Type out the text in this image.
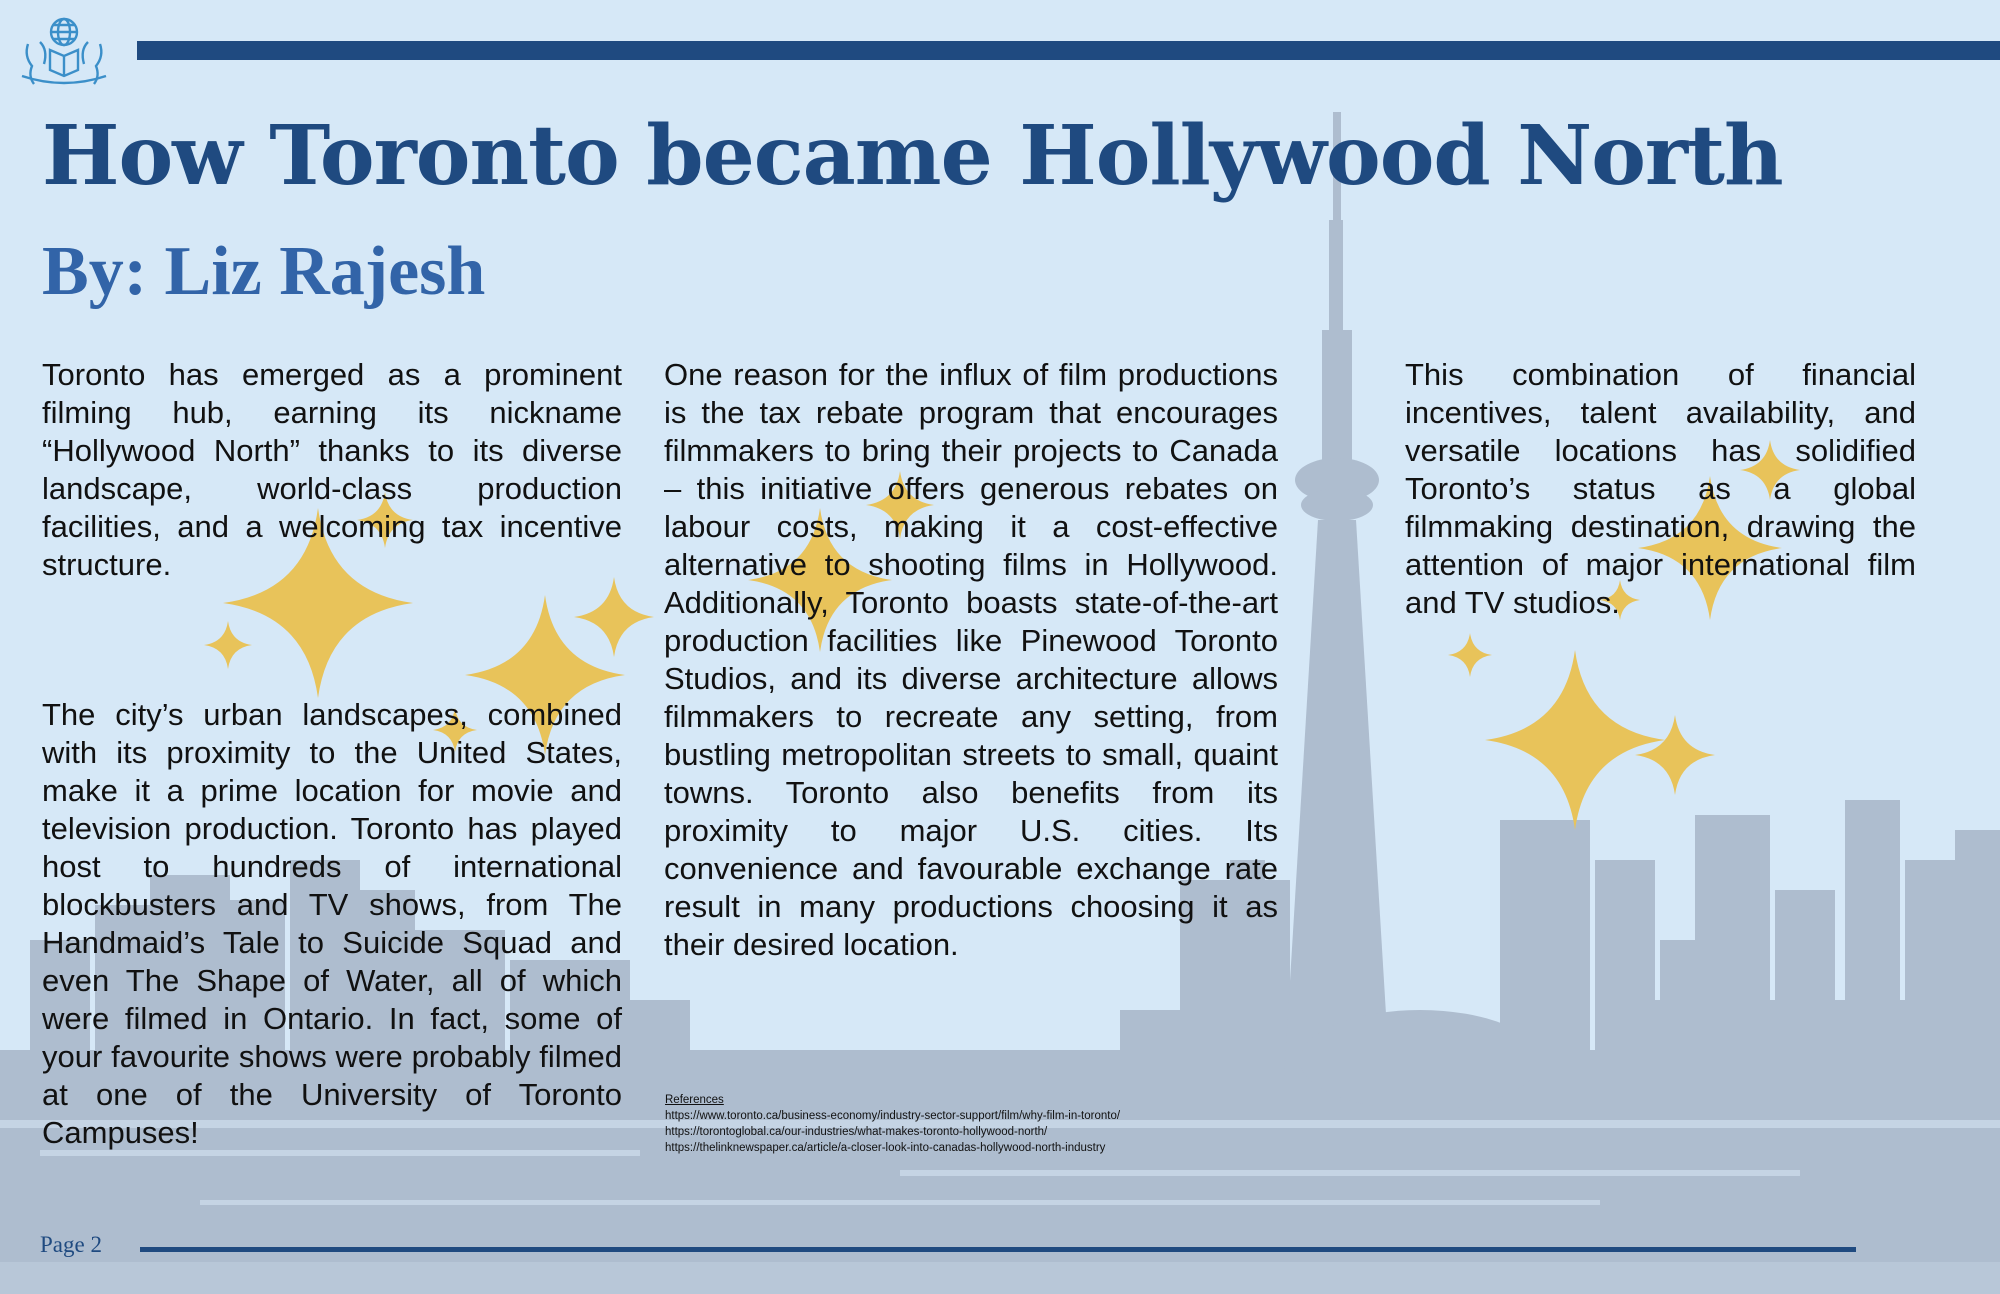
How Toronto became Hollywood North
By: Liz Rajesh

Toronto has emerged as a prominent filming hub, earning its nickname “Hollywood North” thanks to its diverse landscape, world-class production facilities, and a welcoming tax incentive structure.

The city’s urban landscapes, combined with its proximity to the United States, make it a prime location for movie and television production. Toronto has played host to hundreds of international blockbusters and TV shows, from The Handmaid’s Tale to Suicide Squad and even The Shape of Water, all of which were filmed in Ontario. In fact, some of your favourite shows were probably filmed at one of the University of Toronto Campuses!

One reason for the influx of film productions is the tax rebate program that encourages filmmakers to bring their projects to Canada – this initiative offers generous rebates on labour costs, making it a cost-effective alternative to shooting films in Hollywood. Additionally, Toronto boasts state-of-the-art production facilities like Pinewood Toronto Studios, and its diverse architecture allows filmmakers to recreate any setting, from bustling metropolitan streets to small, quaint towns. Toronto also benefits from its proximity to major U.S. cities. Its convenience and favourable exchange rate result in many productions choosing it as their desired location.

This combination of financial incentives, talent availability, and versatile locations has solidified Toronto’s status as a global filmmaking destination, drawing the attention of major international film and TV studios.

References
https://www.toronto.ca/business-economy/industry-sector-support/film/why-film-in-toronto/
https://torontoglobal.ca/our-industries/what-makes-toronto-hollywood-north/
https://thelinknewspaper.ca/article/a-closer-look-into-canadas-hollywood-north-industry
Page 2
